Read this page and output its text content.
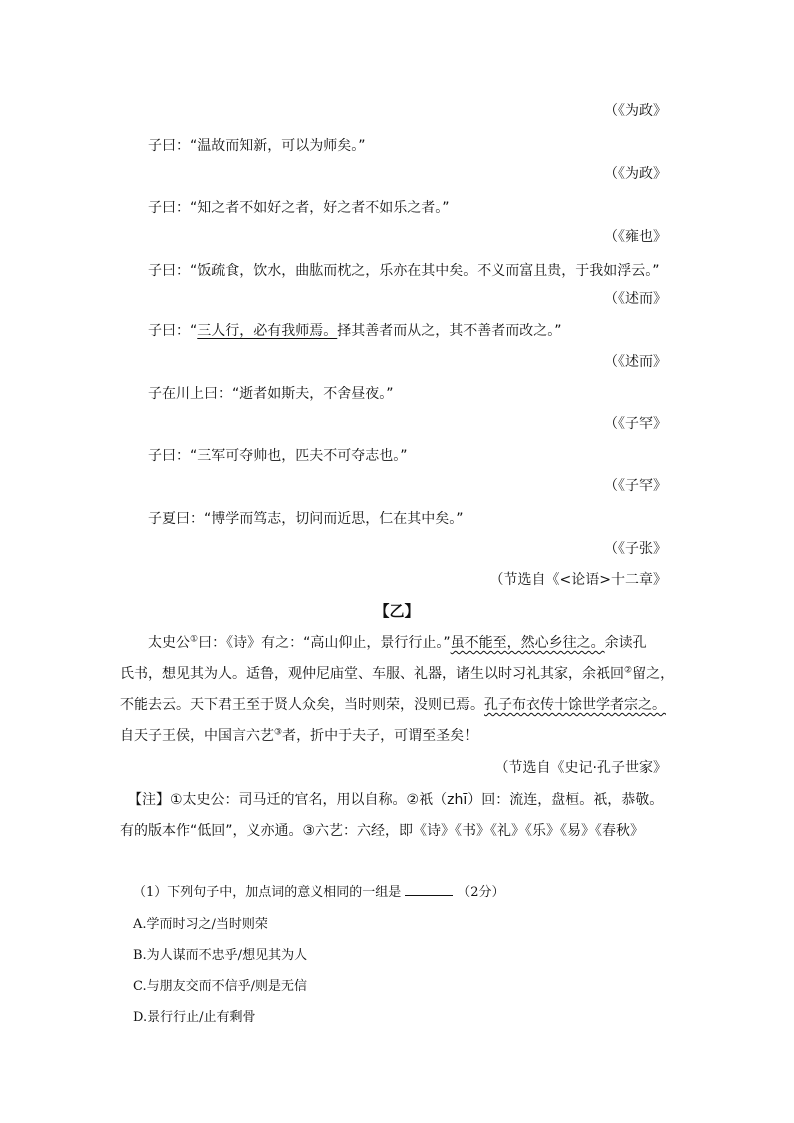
（《为政》
子曰：“温故而知新，可以为师矣。”
（《为政》
子曰：“知之者不如好之者，好之者不如乐之者。”
（《雍也》
子曰：“饭疏食，饮水，曲肱而枕之，乐亦在其中矣。不义而富且贵，于我如浮云。”
（《述而》
子曰：“三人行，必有我师焉。择其善者而从之，其不善者而改之。”
（《述而》
子在川上曰：“逝者如斯夫，不舍昼夜。”
（《子罕》
子曰：“三军可夺帅也，匹夫不可夺志也。”
（《子罕》
子夏曰：“博学而笃志，切问而近思，仁在其中矣。”
（《子张》
（节选自《<论语>十二章》
【乙】
太史公①曰：《诗》有之：“高山仰止，景行行止。”虽不能至，然心乡往之。余读孔
氏书，想见其为人。适鲁，观仲尼庙堂、车服、礼器，诸生以时习礼其家，余祇回②留之，
不能去云。天下君王至于贤人众矣，当时则荣，没则已焉。孔子布衣传十馀世学者宗之。
自天子王侯，中国言六艺③者，折中于夫子，可谓至圣矣！
（节选自《史记·孔子世家》
【注】①太史公：司马迁的官名，用以自称。②祇（zhī）回：流连，盘桓。祇，恭敬。
有的版本作“低回”，义亦通。③六艺：六经，即《诗》《书》《礼》《乐》《易》《春秋》
（1）下列句子中，加点词的意义相同的一组是	（2分）
A.学而时习之/当时则荣
B.为人谋而不忠乎/想见其为人
C.与朋友交而不信乎/则是无信
D.景行行止/止有剩骨
